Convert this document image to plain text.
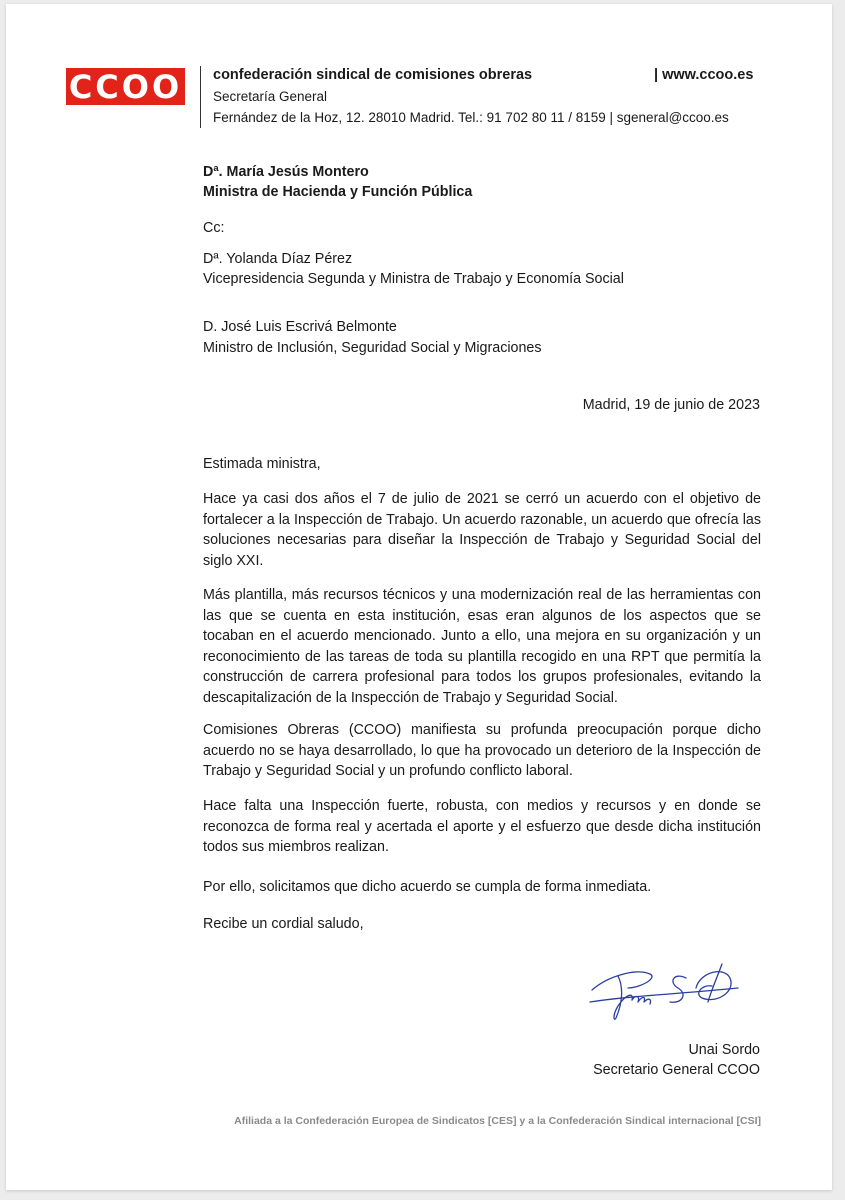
CCOO confederación sindical de comisiones obreras	| www.ccoo.es
Secretaría General
Fernández de la Hoz, 12. 28010 Madrid. Tel.: 91 702 80 11 / 8159 | sgeneral@ccoo.es
Dª. María Jesús Montero
Ministra de Hacienda y Función Pública
Cc:
Dª. Yolanda Díaz Pérez
Vicepresidencia Segunda y Ministra de Trabajo y Economía Social
D. José Luis Escrivá Belmonte
Ministro de Inclusión, Seguridad Social y Migraciones
Madrid, 19 de junio de 2023
Estimada ministra,

Hace ya casi dos años el 7 de julio de 2021 se cerró un acuerdo con el objetivo de fortalecer a la Inspección de Trabajo. Un acuerdo razonable, un acuerdo que ofrecía las soluciones necesarias para diseñar la Inspección de Trabajo y Seguridad Social del siglo XXI.

Más plantilla, más recursos técnicos y una modernización real de las herramientas con las que se cuenta en esta institución, esas eran algunos de los aspectos que se tocaban en el acuerdo mencionado. Junto a ello, una mejora en su organización y un reconocimiento de las tareas de toda su plantilla recogido en una RPT que permitía la construcción de carrera profesional para todos los grupos profesionales, evitando la descapitalización de la Inspección de Trabajo y Seguridad Social.

Comisiones Obreras (CCOO) manifiesta su profunda preocupación porque dicho acuerdo no se haya desarrollado, lo que ha provocado un deterioro de la Inspección de Trabajo y Seguridad Social y un profundo conflicto laboral.

Hace falta una Inspección fuerte, robusta, con medios y recursos y en donde se reconozca de forma real y acertada el aporte y el esfuerzo que desde dicha institución todos sus miembros realizan.

Por ello, solicitamos que dicho acuerdo se cumpla de forma inmediata.

Recibe un cordial saludo,
Unai Sordo
Secretario General CCOO
Afiliada a la Confederación Europea de Sindicatos [CES] y a la Confederación Sindical internacional [CSI]
